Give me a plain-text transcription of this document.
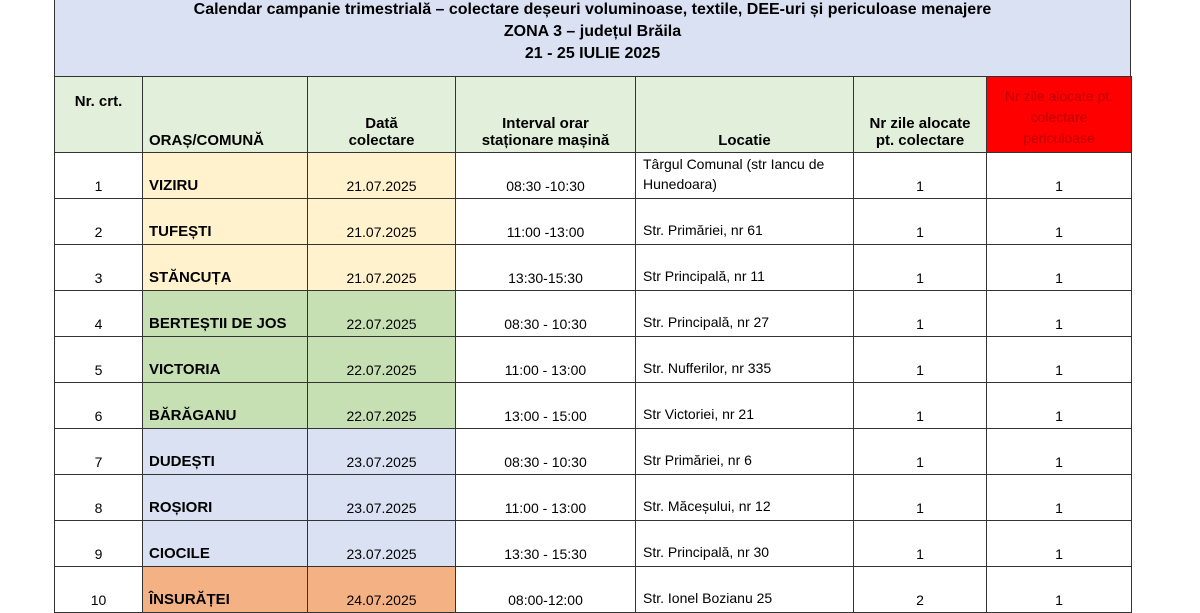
Calendar campanie trimestrială – colectare deșeuri voluminoase, textile, DEE-uri și periculoase menajere
ZONA 3 – județul Brăila
21 - 25 IULIE 2025
Nr. crt.	ORAȘ/COMUNĂ	Dată colectare	Interval orar staționare mașină	Locatie	Nr zile alocate pt. colectare	Nr zile alocate pt. colectare periculoase

1	VIZIRU	21.07.2025	08:30 -10:30	Târgul Comunal (str Iancu de Hunedoara)	1	1
2	TUFEȘTI	21.07.2025	11:00 -13:00	Str. Primăriei, nr 61	1	1
3	STĂNCUȚA	21.07.2025	13:30-15:30	Str Principală, nr 11	1	1
4	BERTEȘTII DE JOS	22.07.2025	08:30 - 10:30	Str. Principală, nr 27	1	1
5	VICTORIA	22.07.2025	11:00 - 13:00	Str. Nufferilor, nr 335	1	1
6	BĂRĂGANU	22.07.2025	13:00 - 15:00	Str Victoriei, nr 21	1	1
7	DUDEȘTI	23.07.2025	08:30 - 10:30	Str Primăriei, nr 6	1	1
8	ROȘIORI	23.07.2025	11:00 - 13:00	Str. Măceșului, nr 12	1	1
9	CIOCILE	23.07.2025	13:30 - 15:30	Str. Principală, nr 30	1	1
10	ÎNSURĂȚEI	24.07.2025	08:00-12:00	Str. Ionel Bozianu 25	2	1
